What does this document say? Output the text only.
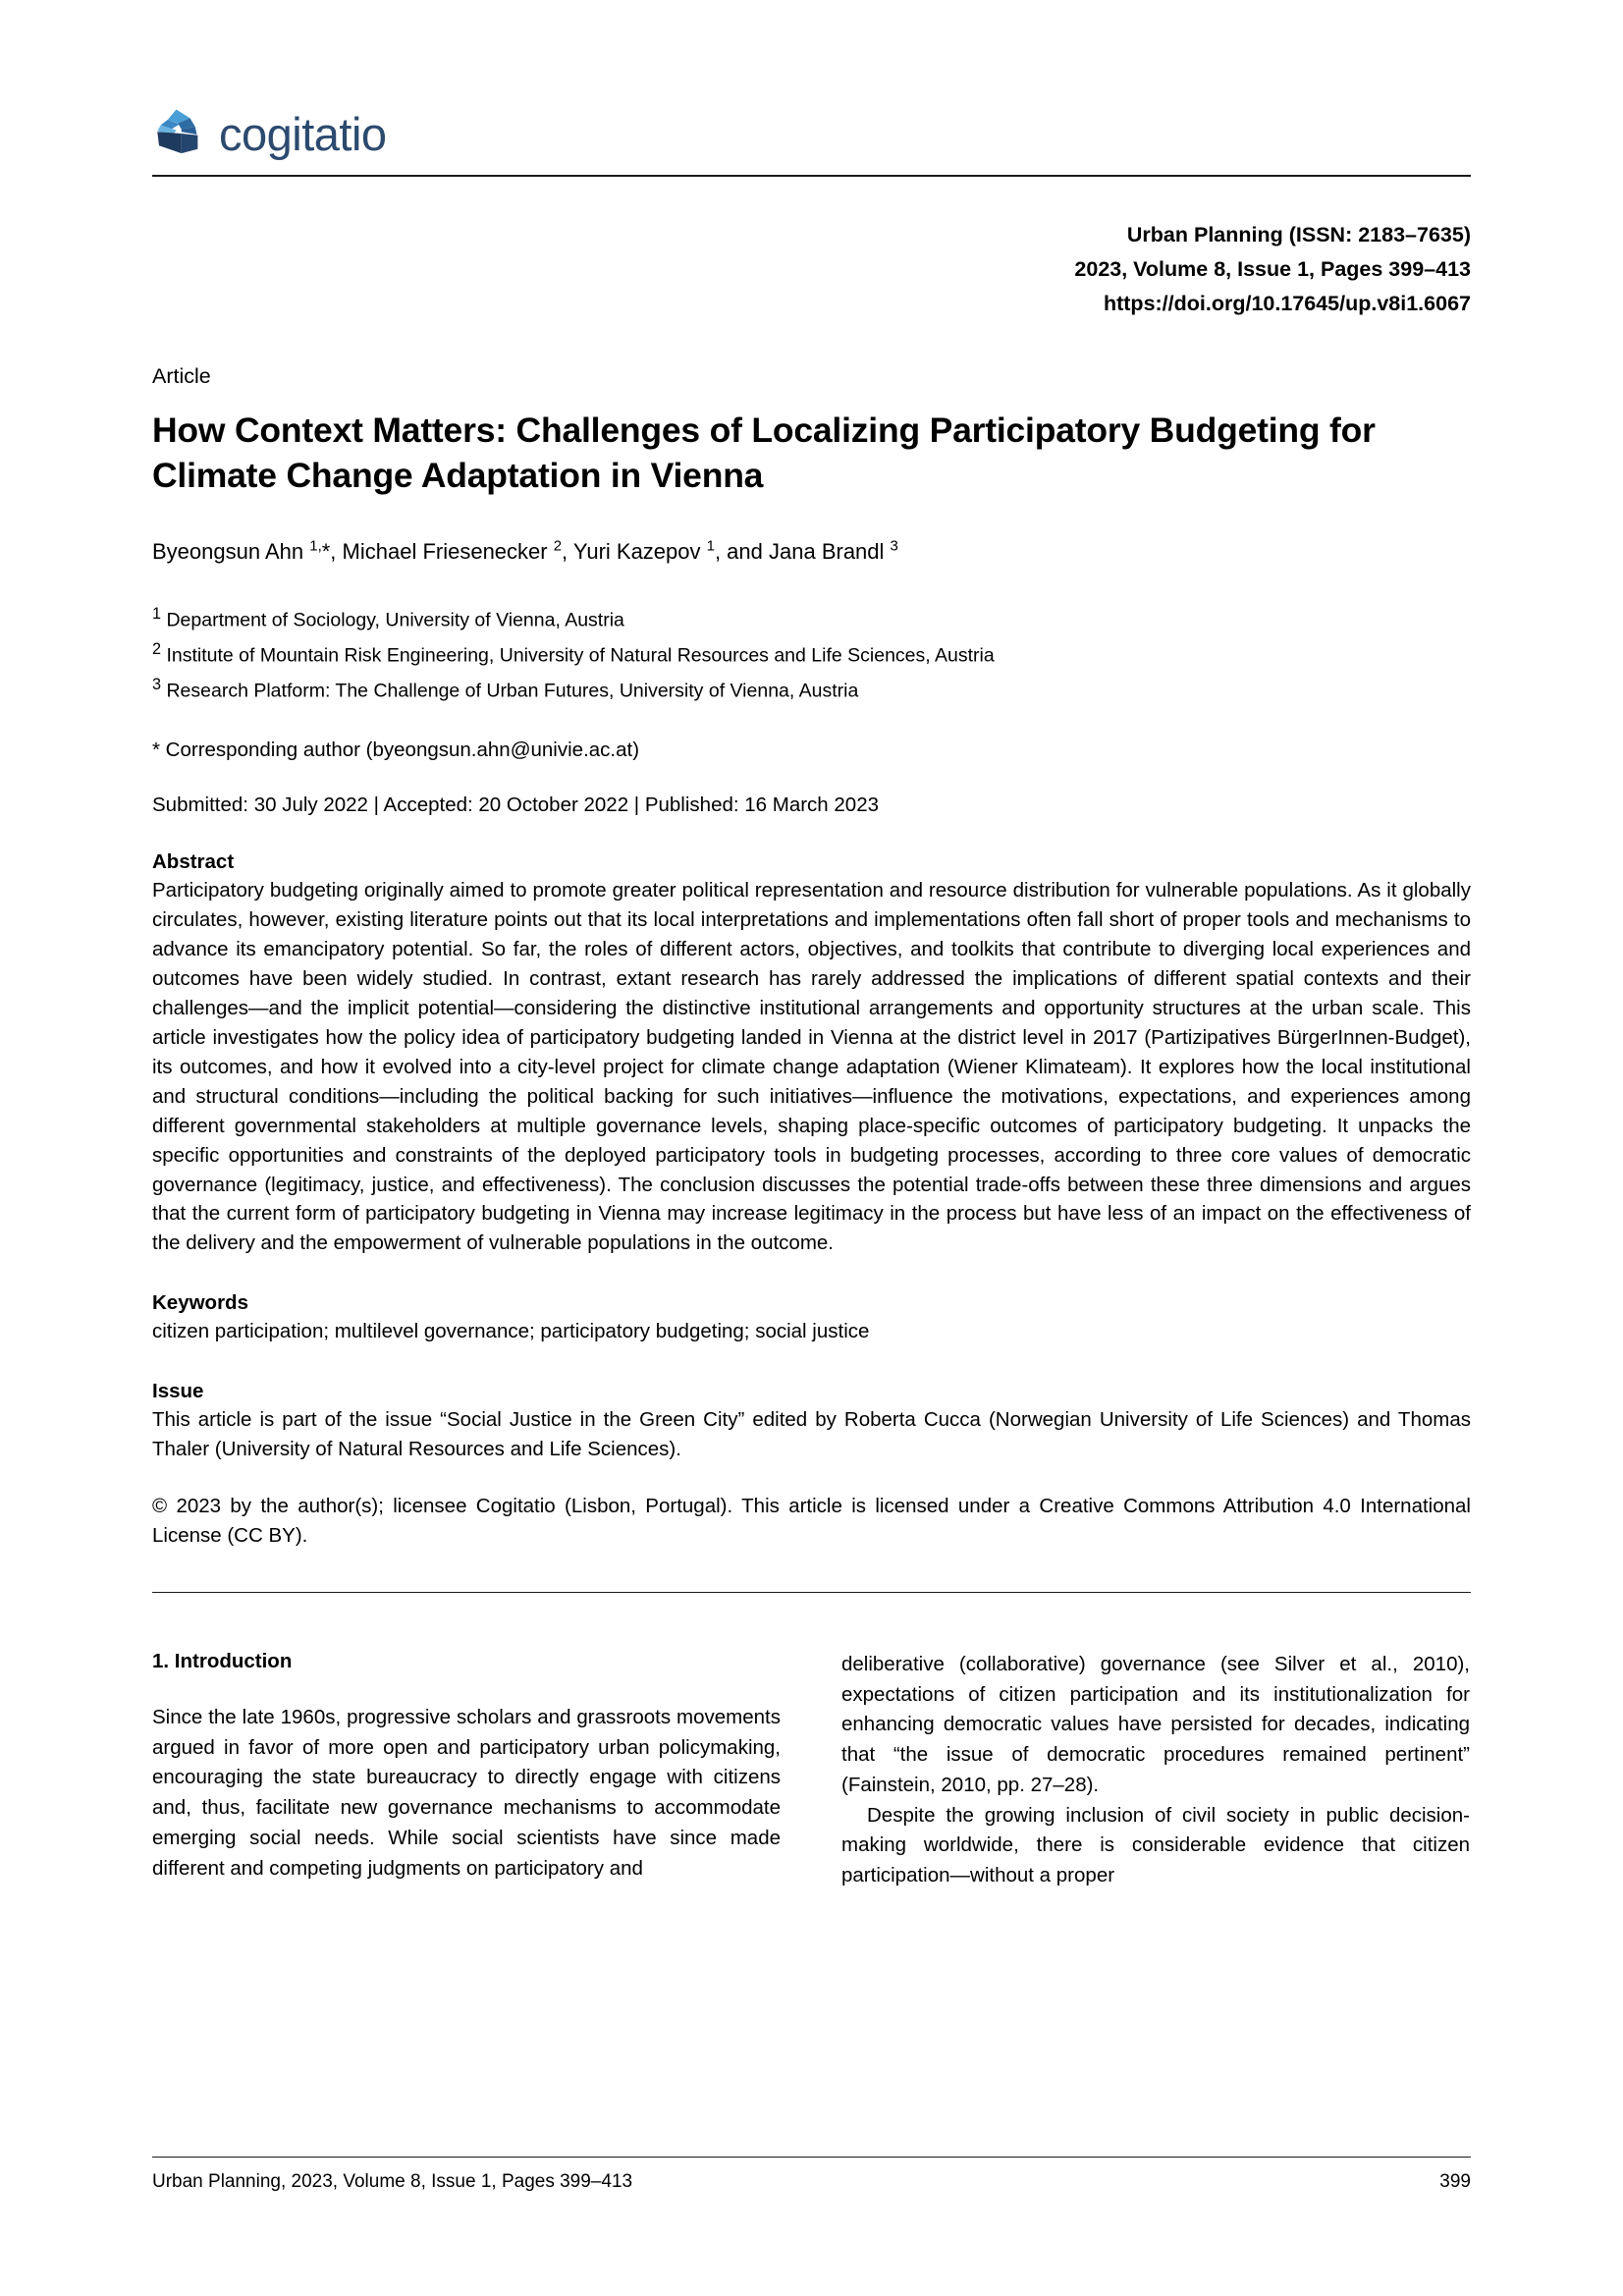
cogitatio
Urban Planning (ISSN: 2183–7635)
2023, Volume 8, Issue 1, Pages 399–413
https://doi.org/10.17645/up.v8i1.6067
Article
How Context Matters: Challenges of Localizing Participatory Budgeting for Climate Change Adaptation in Vienna
Byeongsun Ahn $^{1,}$*, Michael Friesenecker $^2$, Yuri Kazepov $^1$, and Jana Brandl $^3$
$^1$ Department of Sociology, University of Vienna, Austria
$^2$ Institute of Mountain Risk Engineering, University of Natural Resources and Life Sciences, Austria
$^3$ Research Platform: The Challenge of Urban Futures, University of Vienna, Austria
* Corresponding author (byeongsun.ahn@univie.ac.at)
Submitted: 30 July 2022 | Accepted: 20 October 2022 | Published: 16 March 2023
Abstract
Participatory budgeting originally aimed to promote greater political representation and resource distribution for vulnerable populations. As it globally circulates, however, existing literature points out that its local interpretations and implementations often fall short of proper tools and mechanisms to advance its emancipatory potential. So far, the roles of different actors, objectives, and toolkits that contribute to diverging local experiences and outcomes have been widely studied. In contrast, extant research has rarely addressed the implications of different spatial contexts and their challenges—and the implicit potential—considering the distinctive institutional arrangements and opportunity structures at the urban scale. This article investigates how the policy idea of participatory budgeting landed in Vienna at the district level in 2017 (Partizipatives BürgerInnen-Budget), its outcomes, and how it evolved into a city-level project for climate change adaptation (Wiener Klimateam). It explores how the local institutional and structural conditions—including the political backing for such initiatives—influence the motivations, expectations, and experiences among different governmental stakeholders at multiple governance levels, shaping place-specific outcomes of participatory budgeting. It unpacks the specific opportunities and constraints of the deployed participatory tools in budgeting processes, according to three core values of democratic governance (legitimacy, justice, and effectiveness). The conclusion discusses the potential trade-offs between these three dimensions and argues that the current form of participatory budgeting in Vienna may increase legitimacy in the process but have less of an impact on the effectiveness of the delivery and the empowerment of vulnerable populations in the outcome.
Keywords
citizen participation; multilevel governance; participatory budgeting; social justice
Issue
This article is part of the issue “Social Justice in the Green City” edited by Roberta Cucca (Norwegian University of Life Sciences) and Thomas Thaler (University of Natural Resources and Life Sciences).
© 2023 by the author(s); licensee Cogitatio (Lisbon, Portugal). This article is licensed under a Creative Commons Attribution 4.0 International License (CC BY).
1. Introduction

Since the late 1960s, progressive scholars and grassroots movements argued in favor of more open and participatory urban policymaking, encouraging the state bureaucracy to directly engage with citizens and, thus, facilitate new governance mechanisms to accommodate emerging social needs. While social scientists have since made different and competing judgments on participatory and

deliberative (collaborative) governance (see Silver et al., 2010), expectations of citizen participation and its institutionalization for enhancing democratic values have persisted for decades, indicating that “the issue of democratic procedures remained pertinent” (Fainstein, 2010, pp. 27–28).

Despite the growing inclusion of civil society in public decision-making worldwide, there is considerable evidence that citizen participation—without a proper

Urban Planning, 2023, Volume 8, Issue 1, Pages 399–413	399
